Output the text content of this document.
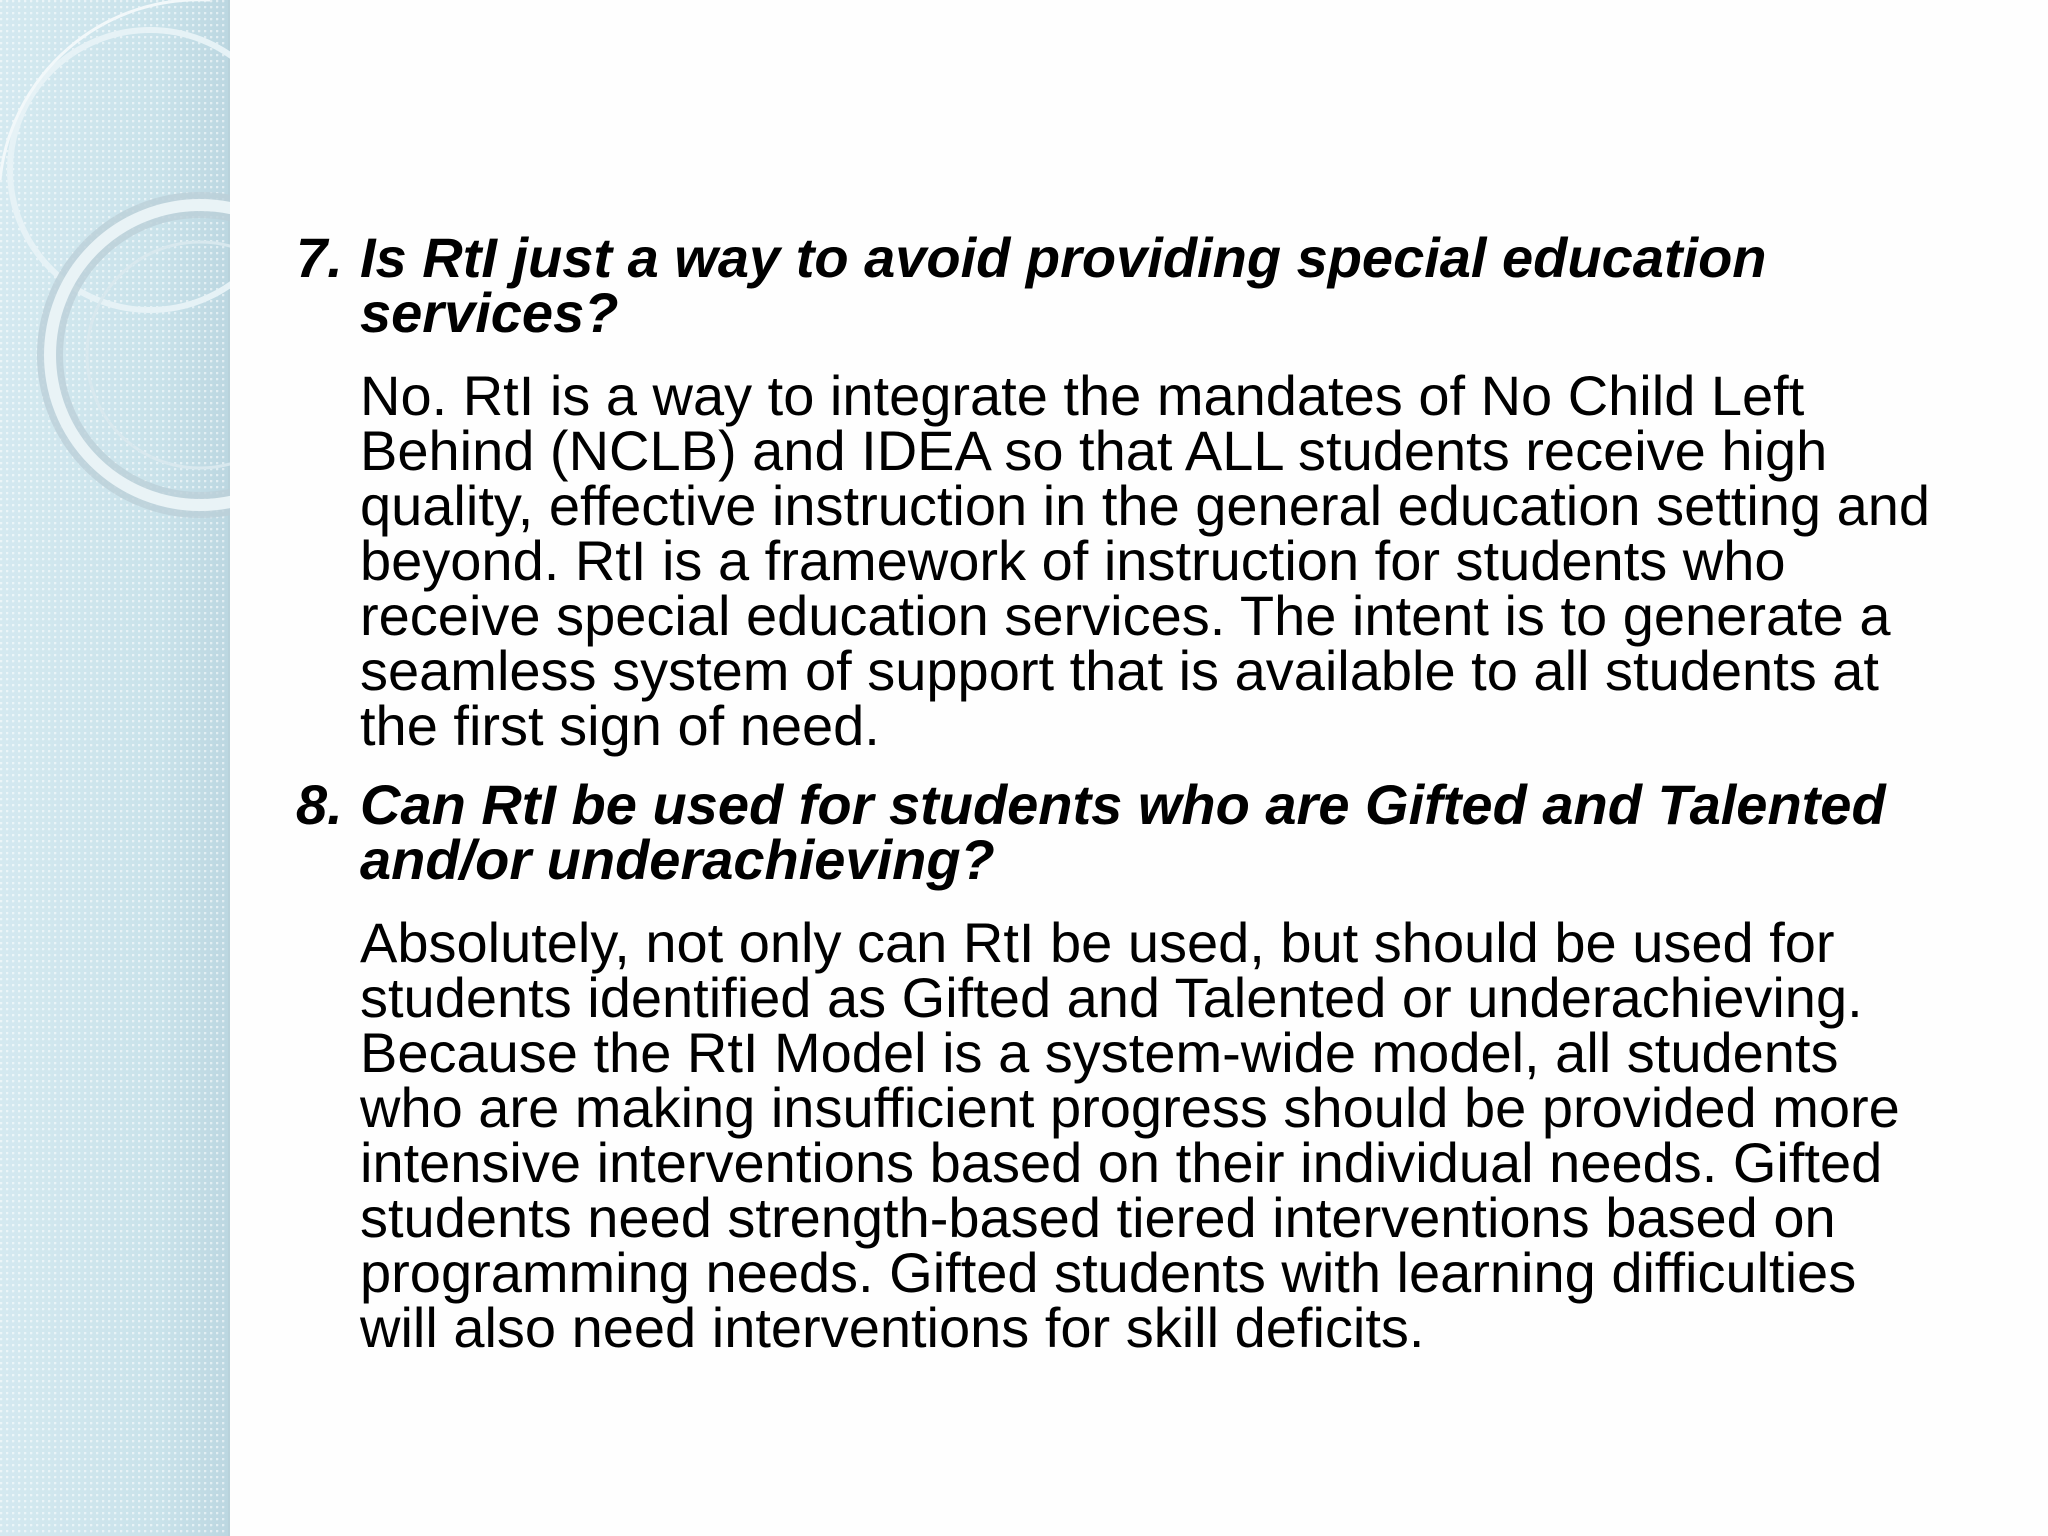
7. Is RtI just a way to avoid providing special education services?

No. RtI is a way to integrate the mandates of No Child Left Behind (NCLB) and IDEA so that ALL students receive high quality, effective instruction in the general education setting and beyond. RtI is a framework of instruction for students who receive special education services. The intent is to generate a seamless system of support that is available to all students at the first sign of need.

8. Can RtI be used for students who are Gifted and Talented and/or underachieving?

Absolutely, not only can RtI be used, but should be used for students identified as Gifted and Talented or underachieving. Because the RtI Model is a system-wide model, all students who are making insufficient progress should be provided more intensive interventions based on their individual needs. Gifted students need strength-based tiered interventions based on programming needs. Gifted students with learning difficulties will also need interventions for skill deficits.
